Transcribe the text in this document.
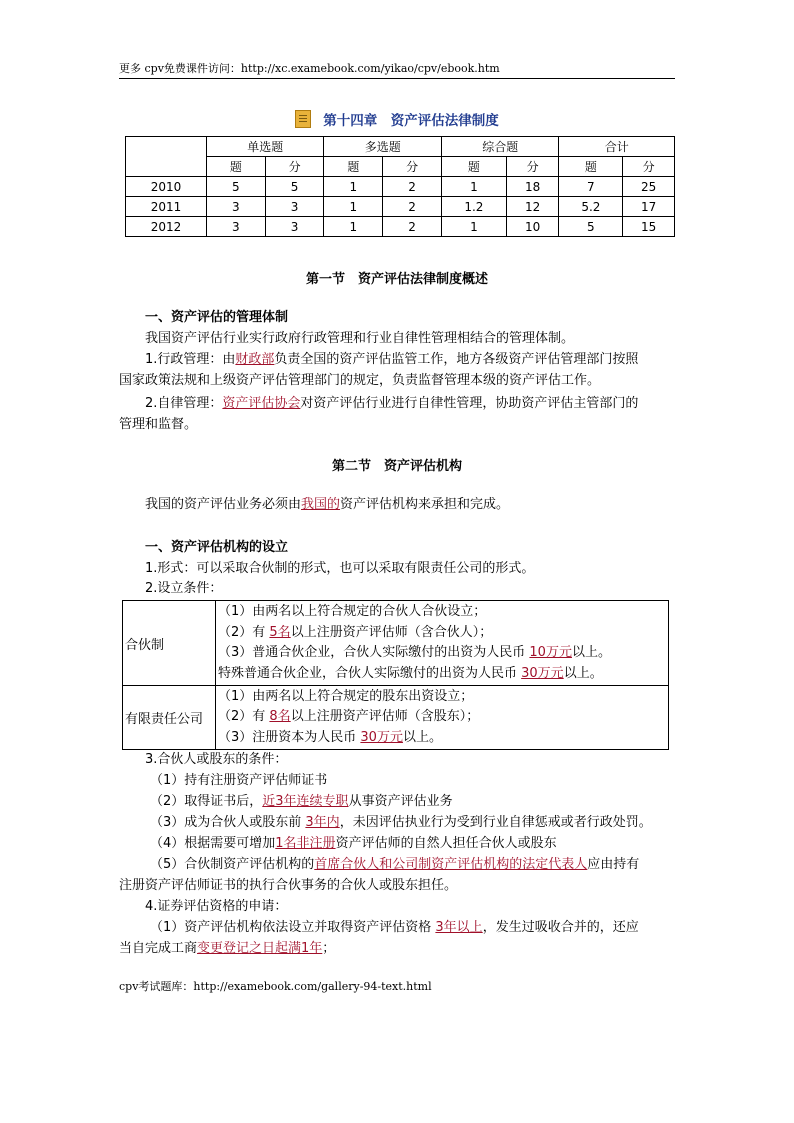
更多 cpv免费课件访问：http://xc.examebook.com/yikao/cpv/ebook.htm
第十四章　资产评估法律制度
	单选题		多选题		综合题		合计	
	题	分	题	分	题	分	题	分
2010	5	5	1	2	1	18	7	25
2011	3	3	1	2	1.2	12	5.2	17
2012	3	3	1	2	1	10	5	15
第一节　资产评估法律制度概述
一、资产评估的管理体制
我国资产评估行业实行政府行政管理和行业自律性管理相结合的管理体制。
1.行政管理：由财政部负责全国的资产评估监管工作，地方各级资产评估管理部门按照
国家政策法规和上级资产评估管理部门的规定，负责监督管理本级的资产评估工作。
2.自律管理：资产评估协会对资产评估行业进行自律性管理，协助资产评估主管部门的
管理和监督。
第二节　资产评估机构
我国的资产评估业务必须由我国的资产评估机构来承担和完成。
一、资产评估机构的设立
1.形式：可以采取合伙制的形式，也可以采取有限责任公司的形式。
2.设立条件：
合伙制	（1）由两名以上符合规定的合伙人合伙设立；
（2）有 5名以上注册资产评估师（含合伙人）；
（3）普通合伙企业，合伙人实际缴付的出资为人民币 10万元以上。
特殊普通合伙企业，合伙人实际缴付的出资为人民币 30万元以上。

有限责任公司	（1）由两名以上符合规定的股东出资设立；
（2）有 8名以上注册资产评估师（含股东）；
（3）注册资本为人民币 30万元以上。
3.合伙人或股东的条件：
（1）持有注册资产评估师证书
（2）取得证书后，近3年连续专职从事资产评估业务
（3）成为合伙人或股东前 3年内，未因评估执业行为受到行业自律惩戒或者行政处罚。
（4）根据需要可增加1名非注册资产评估师的自然人担任合伙人或股东
（5）合伙制资产评估机构的首席合伙人和公司制资产评估机构的法定代表人应由持有
注册资产评估师证书的执行合伙事务的合伙人或股东担任。
4.证券评估资格的申请：
（1）资产评估机构依法设立并取得资产评估资格 3年以上，发生过吸收合并的，还应
当自完成工商变更登记之日起满1年；
cpv考试题库：http://examebook.com/gallery-94-text.html
